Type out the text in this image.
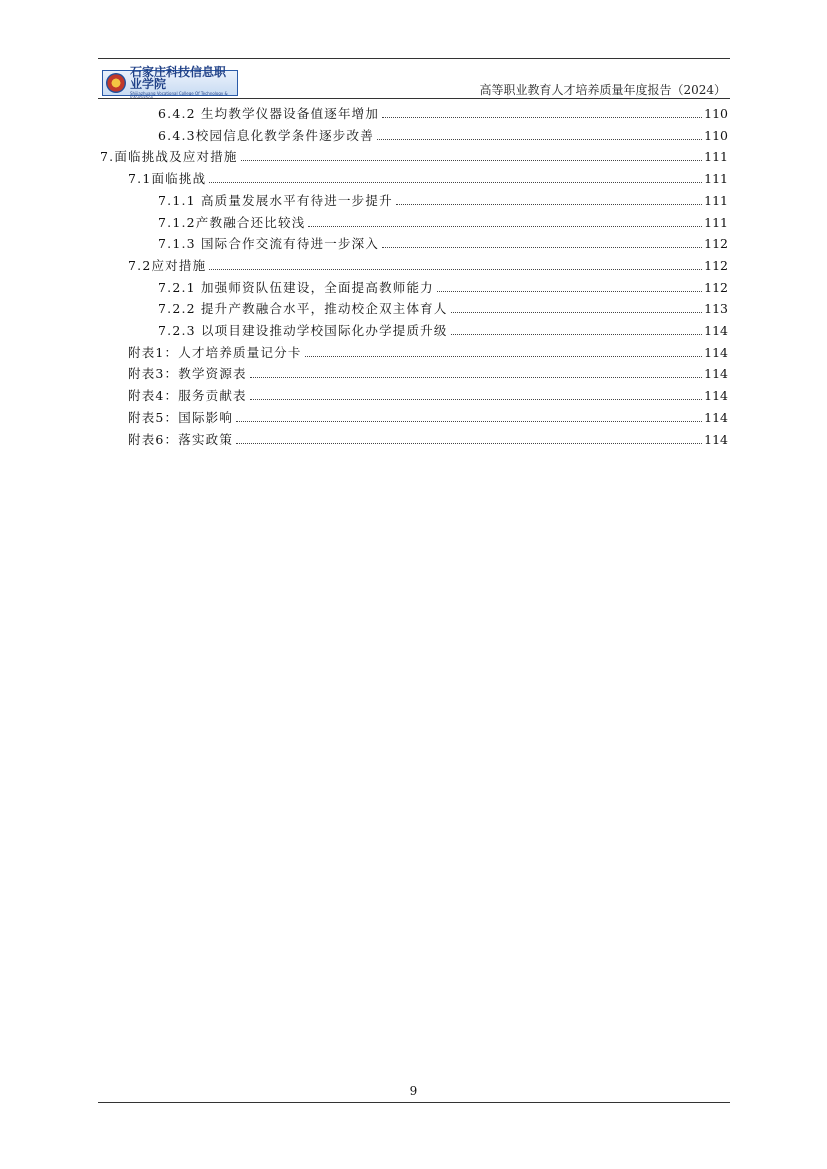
石家庄科技信息职业学院
Shijiazhuang Vocational College Of Technology & Information
高等职业教育人才培养质量年度报告（2024）
6.4.2 生均教学仪器设备值逐年增加	110
6.4.3校园信息化教学条件逐步改善	110
7.面临挑战及应对措施	111
7.1面临挑战	111
7.1.1 高质量发展水平有待进一步提升	111
7.1.2产教融合还比较浅	111
7.1.3 国际合作交流有待进一步深入	112
7.2应对措施	112
7.2.1 加强师资队伍建设，全面提高教师能力	112
7.2.2 提升产教融合水平，推动校企双主体育人	113
7.2.3 以项目建设推动学校国际化办学提质升级	114
附表1：人才培养质量记分卡	114
附表3：教学资源表	114
附表4：服务贡献表	114
附表5：国际影响	114
附表6：落实政策	114
9
